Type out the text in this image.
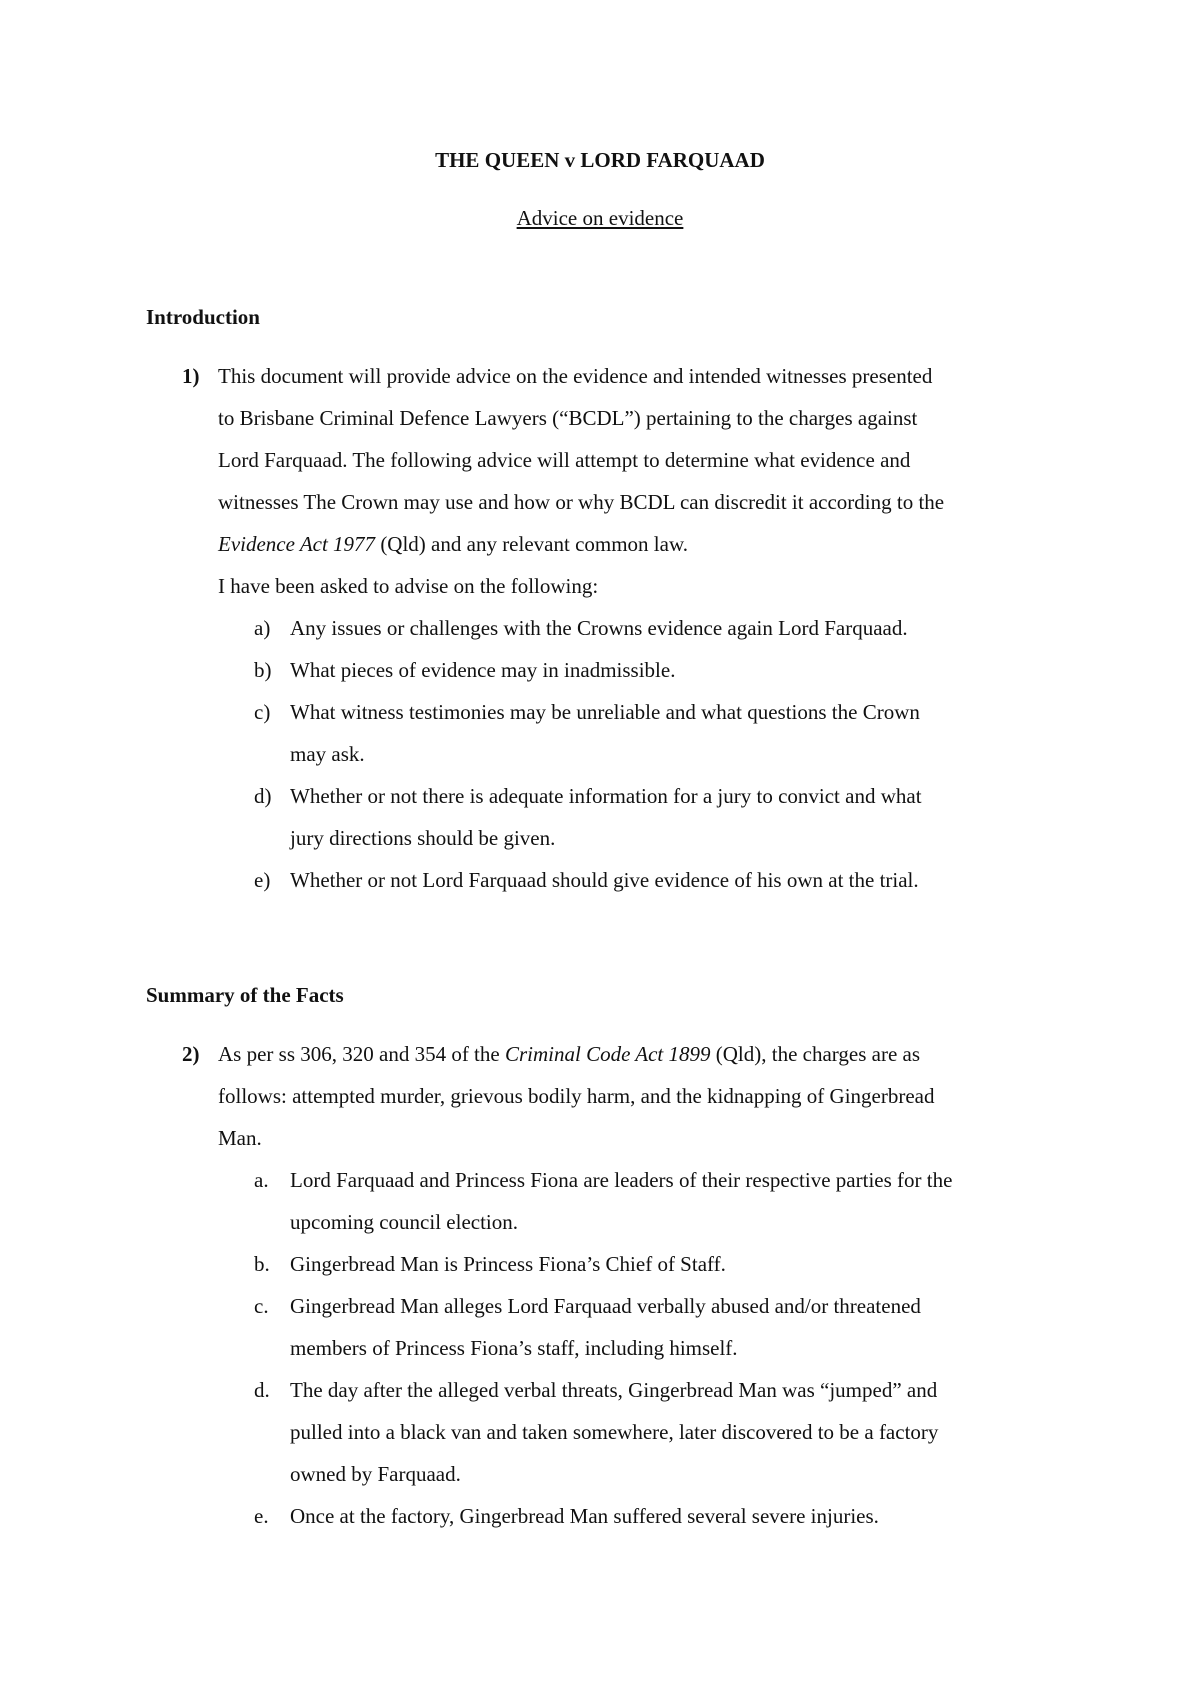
THE QUEEN v LORD FARQUAAD
Advice on evidence
Introduction
1) This document will provide advice on the evidence and intended witnesses presented
to Brisbane Criminal Defence Lawyers (“BCDL”) pertaining to the charges against
Lord Farquaad. The following advice will attempt to determine what evidence and
witnesses The Crown may use and how or why BCDL can discredit it according to the
Evidence Act 1977 (Qld) and any relevant common law.
I have been asked to advise on the following:
a) Any issues or challenges with the Crowns evidence again Lord Farquaad.
b) What pieces of evidence may in inadmissible.
c) What witness testimonies may be unreliable and what questions the Crown
may ask.
d) Whether or not there is adequate information for a jury to convict and what
jury directions should be given.
e) Whether or not Lord Farquaad should give evidence of his own at the trial.
Summary of the Facts
2) As per ss 306, 320 and 354 of the Criminal Code Act 1899 (Qld), the charges are as
follows: attempted murder, grievous bodily harm, and the kidnapping of Gingerbread
Man.
a. Lord Farquaad and Princess Fiona are leaders of their respective parties for the
upcoming council election.
b. Gingerbread Man is Princess Fiona’s Chief of Staff.
c. Gingerbread Man alleges Lord Farquaad verbally abused and/or threatened
members of Princess Fiona’s staff, including himself.
d. The day after the alleged verbal threats, Gingerbread Man was “jumped” and
pulled into a black van and taken somewhere, later discovered to be a factory
owned by Farquaad.
e. Once at the factory, Gingerbread Man suffered several severe injuries.
